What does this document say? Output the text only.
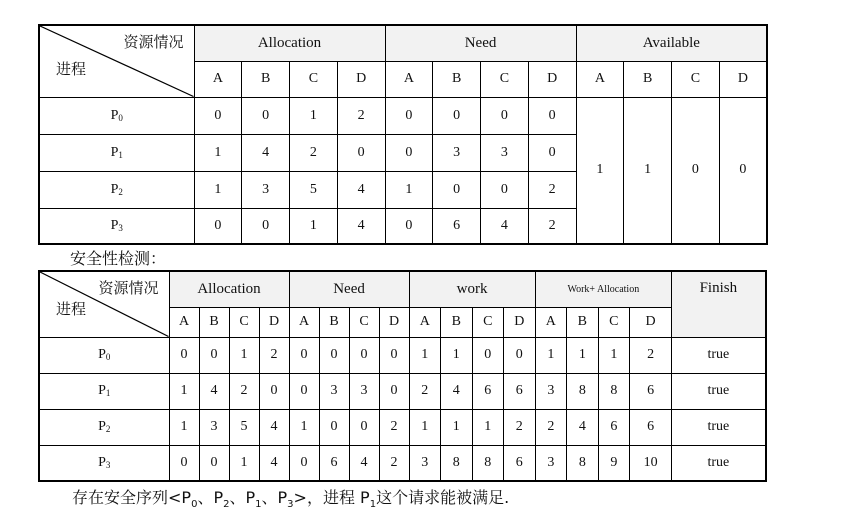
资源情况
进程	Allocation				Need				Available			
	A	B	C	D	A	B	C	D	A	B	C	D
$P_0$	0	0	1	2	0	0	0	0	1	1	0	0
$P_1$	1	4	2	0	0	3	3	0				
$P_2$	1	3	5	4	1	0	0	2				
$P_3$	0	0	1	4	0	6	4	2				
安全性检测：
资源情况
进程	Allocation				Need				work				Work+ Allocation				Finish
	A	B	C	D	A	B	C	D	A	B	C	D	A	B	C	D	
$P_0$	0	0	1	2	0	0	0	0	1	1	0	0	1	1	1	2	true
$P_1$	1	4	2	0	0	3	3	0	2	4	6	6	3	8	8	6	true
$P_2$	1	3	5	4	1	0	0	2	1	1	1	2	2	4	6	6	true
$P_3$	0	0	1	4	0	6	4	2	3	8	8	6	3	8	9	10	true
存在安全序列$<P_0$、$P_2$、$P_1$、$P_3>$，进程 $P_1$这个请求能被满足.
